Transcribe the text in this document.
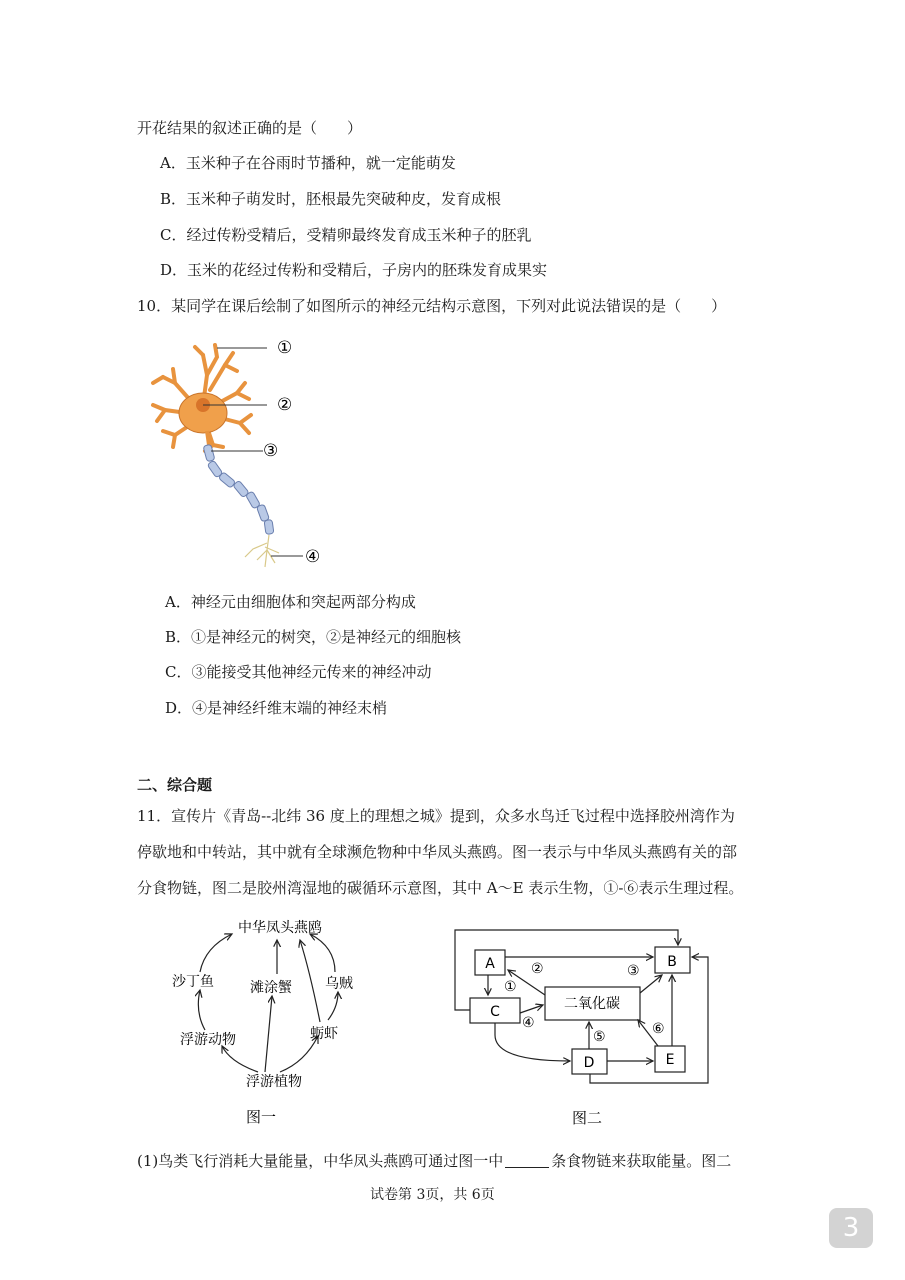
开花结果的叙述正确的是（　　）
A．玉米种子在谷雨时节播种，就一定能萌发
B．玉米种子萌发时，胚根最先突破种皮，发育成根
C．经过传粉受精后，受精卵最终发育成玉米种子的胚乳
D．玉米的花经过传粉和受精后，子房内的胚珠发育成果实
10．某同学在课后绘制了如图所示的神经元结构示意图，下列对此说法错误的是（　　）
①
②
③
④
A．神经元由细胞体和突起两部分构成
B．①是神经元的树突，②是神经元的细胞核
C．③能接受其他神经元传来的神经冲动
D．④是神经纤维末端的神经末梢
二、综合题
11．宣传片《青岛--北纬 36 度上的理想之城》提到，众多水鸟迁飞过程中选择胶州湾作为
停歇地和中转站，其中就有全球濒危物种中华凤头燕鸥。图一表示与中华凤头燕鸥有关的部
分食物链，图二是胶州湾湿地的碳循环示意图，其中 A～E 表示生物，①-⑥表示生理过程。
中华凤头燕鸥
沙丁鱼	滩涂蟹 乌贼
浮游动物	蛎虾
浮游植物
图一
A	B
C	二氧化碳
D	E
②
①
③
④
⑤	⑥
图二
(1)鸟类飞行消耗大量能量，中华凤头燕鸥可通过图一中	条食物链来获取能量。图二
试卷第 3页，共 6页
3
